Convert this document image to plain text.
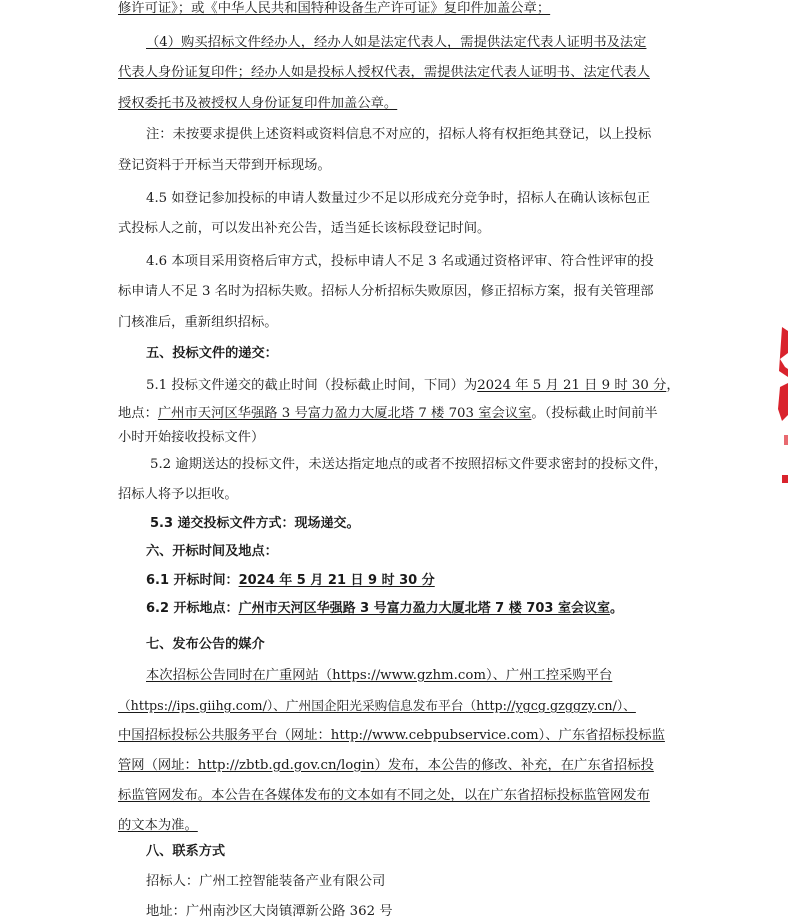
修许可证》；或《中华人民共和国特种设备生产许可证》复印件加盖公章；
（4）购买招标文件经办人，经办人如是法定代表人，需提供法定代表人证明书及法定
代表人身份证复印件；经办人如是投标人授权代表，需提供法定代表人证明书、法定代表人
授权委托书及被授权人身份证复印件加盖公章。
注：未按要求提供上述资料或资料信息不对应的，招标人将有权拒绝其登记，以上投标
登记资料于开标当天带到开标现场。
4.5 如登记参加投标的申请人数量过少不足以形成充分竞争时，招标人在确认该标包正
式投标人之前，可以发出补充公告，适当延长该标段登记时间。
4.6 本项目采用资格后审方式，投标申请人不足 3 名或通过资格评审、符合性评审的投
标申请人不足 3 名时为招标失败。招标人分析招标失败原因，修正招标方案，报有关管理部
门核准后，重新组织招标。
五、投标文件的递交：
5.1 投标文件递交的截止时间（投标截止时间，下同）为2024 年 5 月 21 日 9 时 30 分，
地点：广州市天河区华强路 3 号富力盈力大厦北塔 7 楼 703 室会议室。（投标截止时间前半
小时开始接收投标文件）
5.2 逾期送达的投标文件，未送达指定地点的或者不按照招标文件要求密封的投标文件，
招标人将予以拒收。
5.3 递交投标文件方式：现场递交。
六、开标时间及地点：
6.1 开标时间：2024 年 5 月 21 日 9 时 30 分
6.2 开标地点：广州市天河区华强路 3 号富力盈力大厦北塔 7 楼 703 室会议室。
七、发布公告的媒介
本次招标公告同时在广重网站（https://www.gzhm.com）、广州工控采购平台
（https://ips.giihg.com/）、广州国企阳光采购信息发布平台（http://ygcg.gzggzy.cn/）、
中国招标投标公共服务平台（网址：http://www.cebpubservice.com）、广东省招标投标监
管网（网址：http://zbtb.gd.gov.cn/login）发布，本公告的修改、补充，在广东省招标投
标监管网发布。本公告在各媒体发布的文本如有不同之处，以在广东省招标投标监管网发布
的文本为准。
八、联系方式
招标人：广州工控智能装备产业有限公司
地址：广州南沙区大岗镇潭新公路 362 号
